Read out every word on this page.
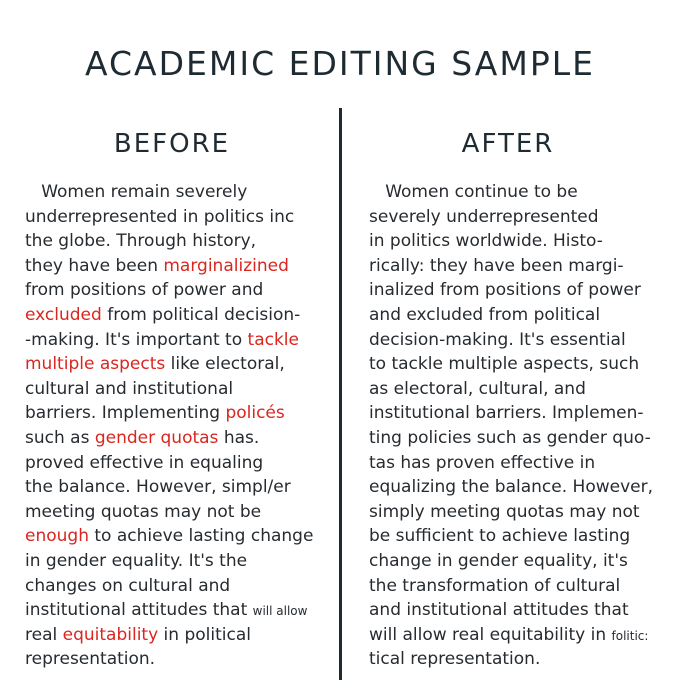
ACADEMIC EDITING SAMPLE
BEFORE	AFTER
Women remain severely
underrepresented in politics inc
the globe. Through history,
they have been marginalizined
from positions of power and
excluded from political decision-
-making. It's important to tackle
multiple aspects like electoral,
cultural and institutional
barriers. Implementing policés
such as gender quotas has.
proved effective in equaling
the balance. However, simpl/er
meeting quotas may not be
enough to achieve lasting change
in gender equality. It's the
changes on cultural and
institutional attitudes that will allow
real equitability in political
representation.
Women continue to be
severely underrepresented
in politics worldwide. Histo-
rically: they have been margi-
inalized from positions of power
and excluded from political
decision-making. It's essential
to tackle multiple aspects, such
as electoral, cultural, and
institutional barriers. Implemen-
ting policies such as gender quo-
tas has proven effective in
equalizing the balance. However,
simply meeting quotas may not
be sufficient to achieve lasting
change in gender equality, it's
the transformation of cultural
and institutional attitudes that
will allow real equitability in folitic:
tical representation.
